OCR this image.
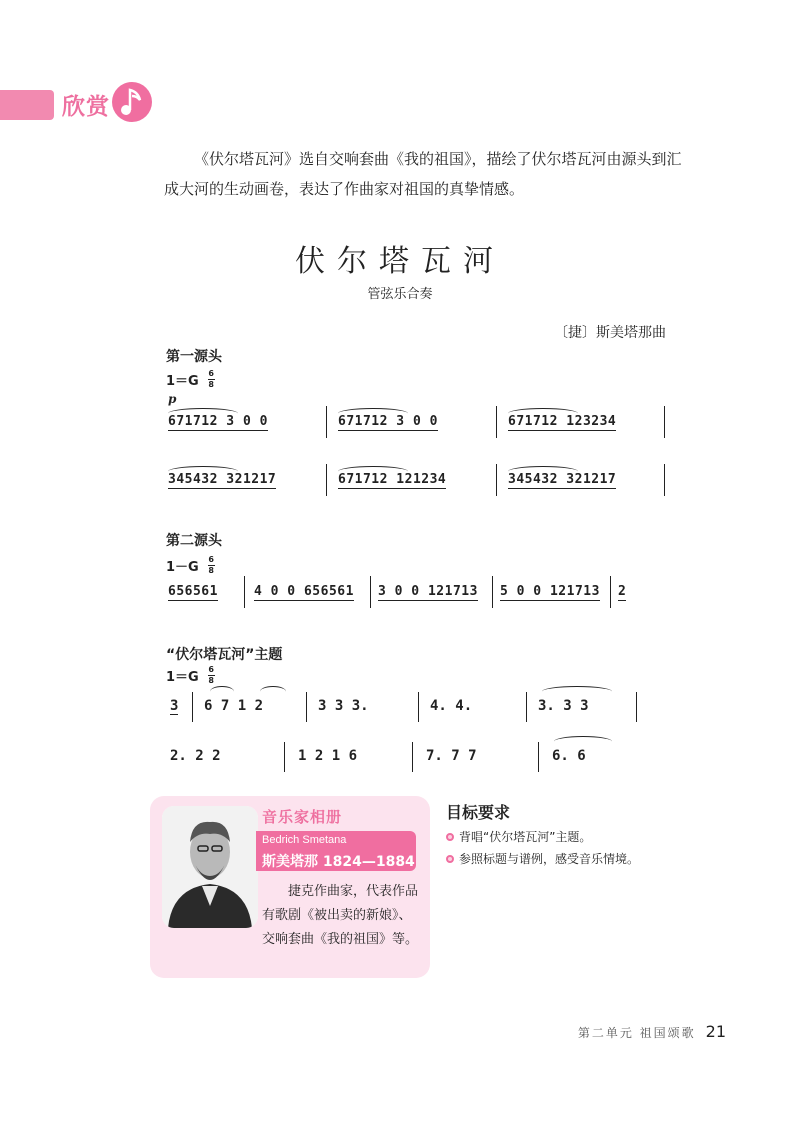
欣赏
《伏尔塔瓦河》选自交响套曲《我的祖国》，描绘了伏尔塔瓦河由源头到汇成大河的生动画卷，表达了作曲家对祖国的真挚情感。
伏尔塔瓦河
管弦乐合奏
〔捷〕斯美塔那曲
第一源头
1＝G
6
8
p
671712 3 0 0	671712 3 0 0	671712 123234
345432 321217	671712 121234	345432 321217
第二源头
1－G
6
8
656561	4 0 0 656561 3 0 0 121713 5 0 0 121713 2
“伏尔塔瓦河”主题
1＝G
6
8
3 6 7 1 2	3 3 3.	4. 4.	3. 3 3
2. 2 2	1 2 1 6	7. 7 7	6. 6
音乐家相册
Bedrich Smetana
斯美塔那 1824—1884
捷克作曲家，代表作品有歌剧《被出卖的新娘》、交响套曲《我的祖国》等。
目标要求
背唱“伏尔塔瓦河”主题。
参照标题与谱例，感受音乐情境。
第二单元 祖国颂歌 21
